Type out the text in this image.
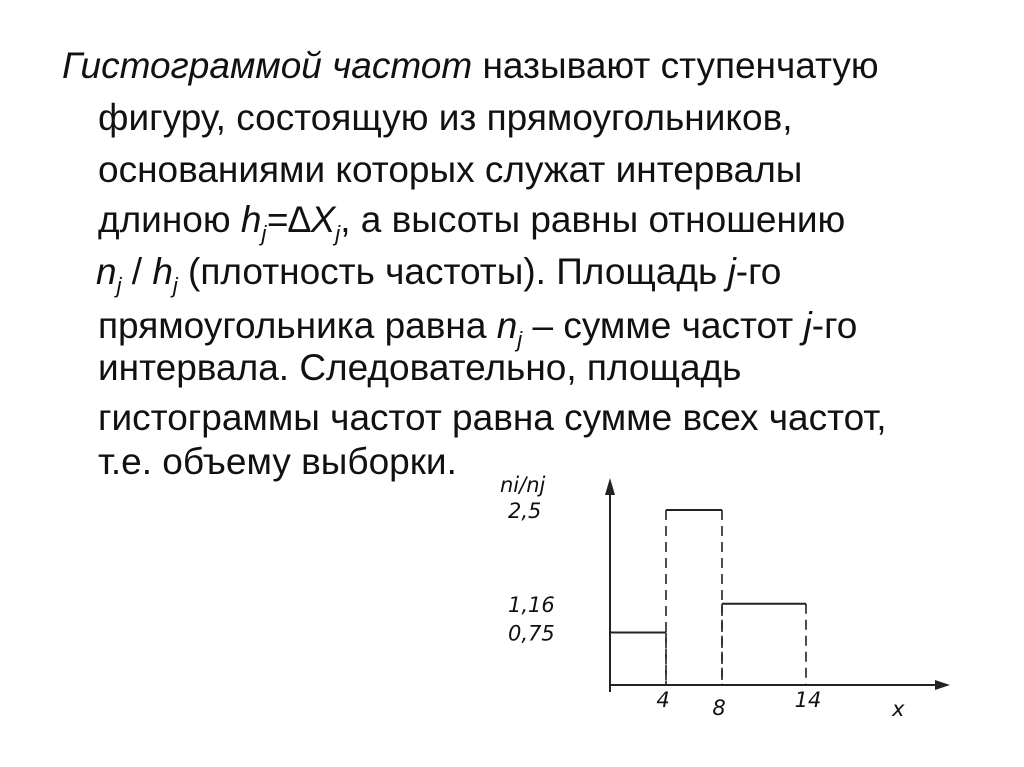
Гистограммой частот называют ступенчатую
фигуру, состоящую из прямоугольников,
основаниями которых служат интервалы
длиною $h_j=\Delta X_j$, а высоты равны отношению
$n_j / h_j$ (плотность частоты). Площадь j-го
прямоугольника равна $n_j$ – сумме частот j-го
интервала. Следовательно, площадь
гистограммы частот равна сумме всех частот,
т.е. объему выборки.
ni/nj
x
0,75
2,5
1,16
4 8	14
